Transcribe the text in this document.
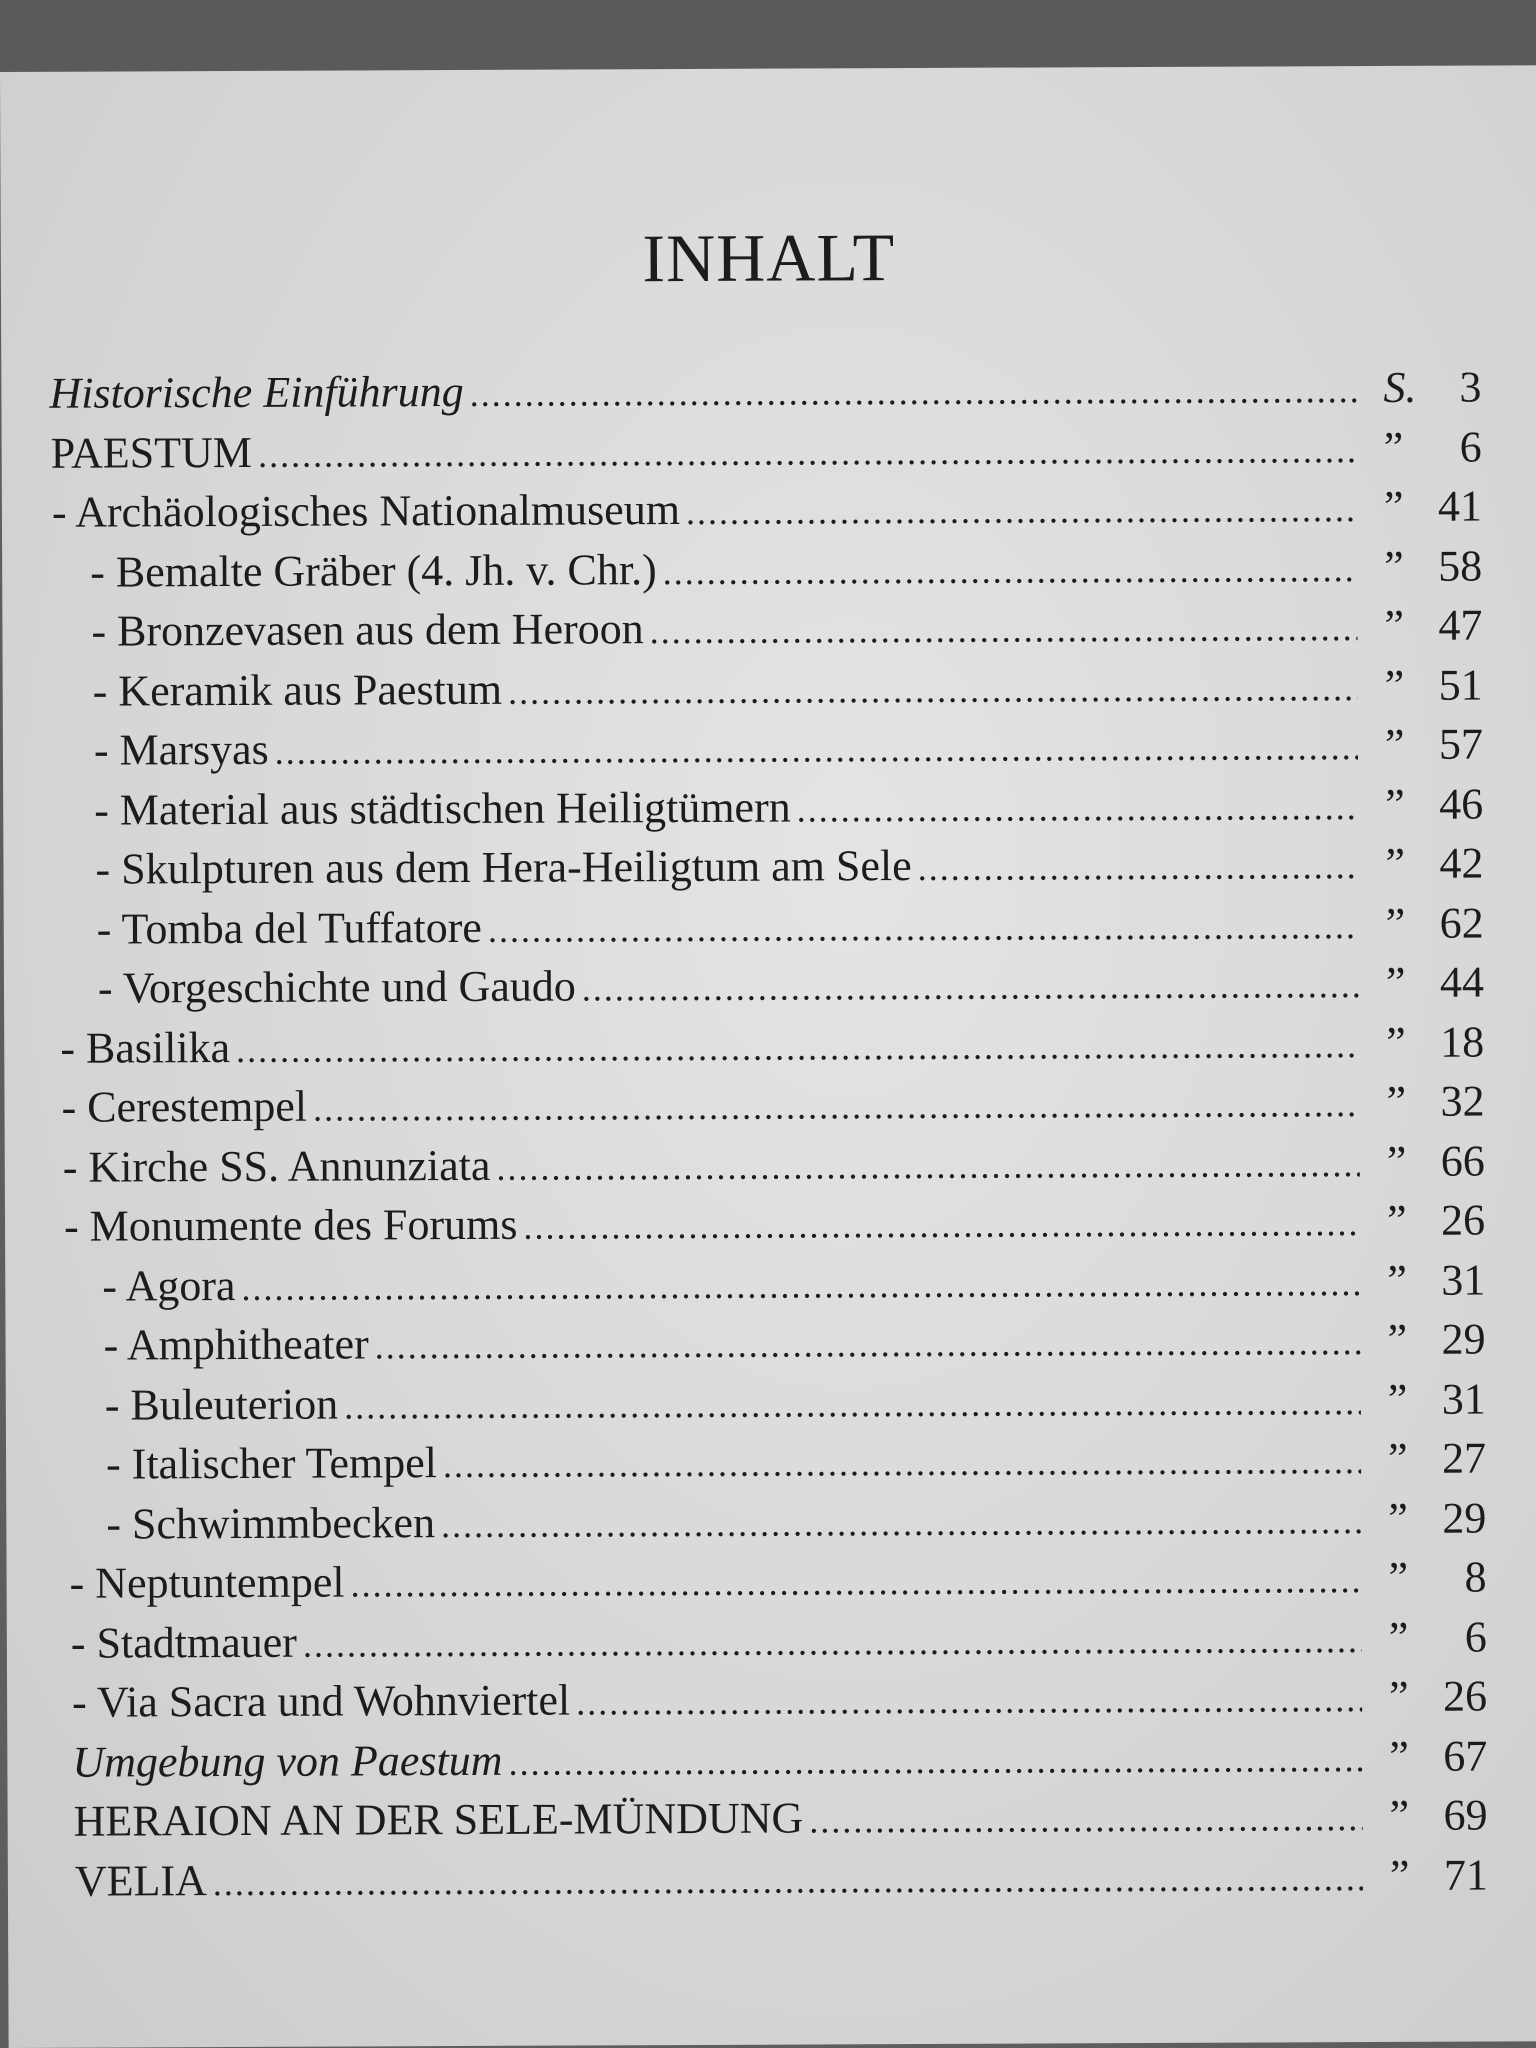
INHALT
Historische Einführung .....	S. 3
PAESTUM .....	”	6
- Archäologisches Nationalmuseum .....	” 41
- Bemalte Gräber (4. Jh. v. Chr.) .....	” 58
- Bronzevasen aus dem Heroon .....	” 47
- Keramik aus Paestum .....	” 51
- Marsyas .....	” 57
- Material aus städtischen Heiligtümern .....	” 46
- Skulpturen aus dem Hera-Heiligtum am Sele .....	” 42
- Tomba del Tuffatore .....	” 62
- Vorgeschichte und Gaudo .....	” 44
- Basilika .....	” 18
- Cerestempel .....	” 32
- Kirche SS. Annunziata .....	” 66
- Monumente des Forums .....	” 26
- Agora .....	” 31
- Amphitheater .....	” 29
- Buleuterion .....	” 31
- Italischer Tempel .....	” 27
- Schwimmbecken .....	” 29
- Neptuntempel .....	”	8
- Stadtmauer .....	”	6
- Via Sacra und Wohnviertel .....	” 26
Umgebung von Paestum .....	” 67
HERAION AN DER SELE-MÜNDUNG .....	” 69
VELIA .....	” 71
